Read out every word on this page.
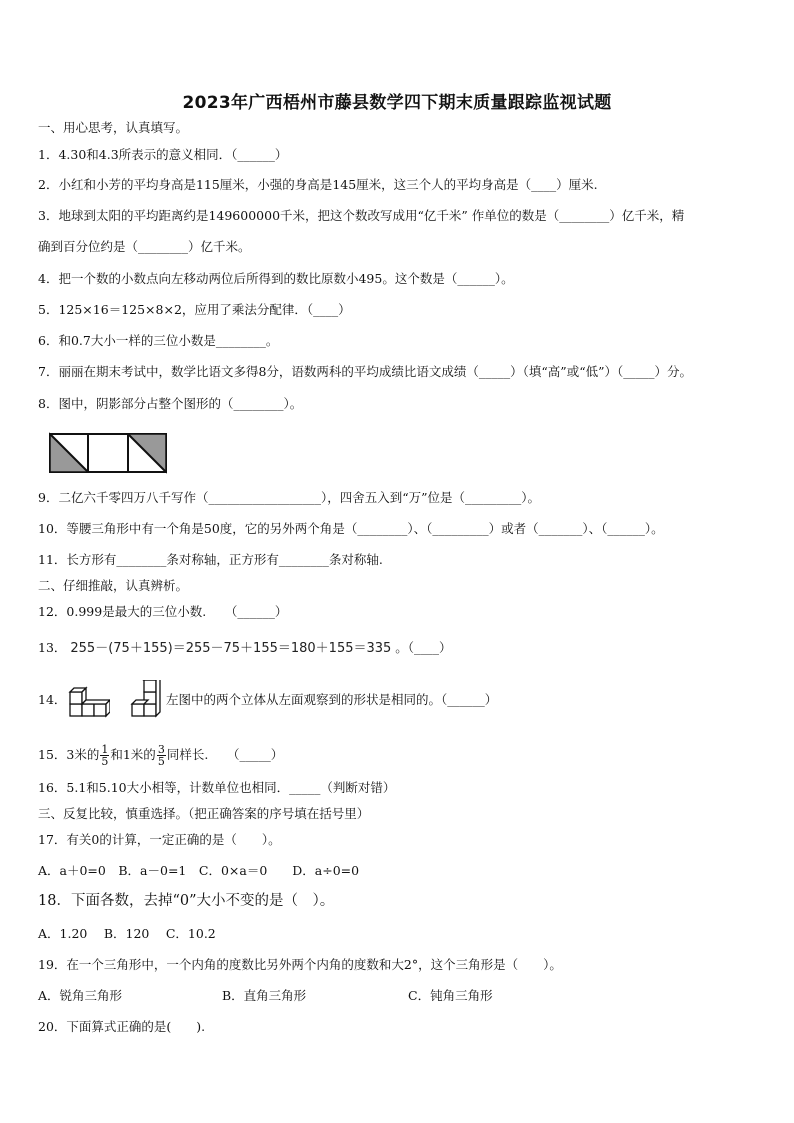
2023年广西梧州市藤县数学四下期末质量跟踪监视试题
一、用心思考，认真填写。
1．4.30和4.3所表示的意义相同．（______）
2．小红和小芳的平均身高是115厘米，小强的身高是145厘米，这三个人的平均身高是（____）厘米.
3．地球到太阳的平均距离约是149600000千米，把这个数改写成用“亿千米” 作单位的数是（________）亿千米，精
确到百分位约是（________）亿千米。
4．把一个数的小数点向左移动两位后所得到的数比原数小495。这个数是（______）。
5．125×16＝125×8×2，应用了乘法分配律．（____）
6．和0.7大小一样的三位小数是________。
7．丽丽在期末考试中，数学比语文多得8分，语数两科的平均成绩比语文成绩（_____）（填“高”或“低”）（_____）分。
8．图中，阴影部分占整个图形的（________）。
9．二亿六千零四万八千写作（__________________），四舍五入到“万”位是（_________）。
10．等腰三角形中有一个角是50度，它的另外两个角是（________）、（_________）或者（_______）、（______）。
11．长方形有________条对称轴，正方形有________条对称轴.
二、仔细推敲，认真辨析。
12．0.999是最大的三位小数.　　（______）
13． 255－(75＋155)＝255－75＋155＝180＋155＝335 。（____）
14．	左图中的两个立体从左面观察到的形状是相同的。（______）
15．3米的 $\frac{1}{5}$ 和1米的 $\frac{3}{5}$ 同样长.　　（_____）
16．5.1和5.10大小相等，计数单位也相同．_____（判断对错）
三、反复比较，慎重选择。（把正确答案的序号填在括号里）
17．有关0的计算，一定正确的是（　　）。
A．a＋0=0　B．a－0=1　C．0×a＝0　　D．a÷0=0
18．下面各数，去掉“0”大小不变的是（　）。
A．1.20　 B．120　 C．10.2
19．在一个三角形中，一个内角的度数比另外两个内角的度数和大2°，这个三角形是（　　）。
A．锐角三角形	B．直角三角形	C．钝角三角形
20．下面算式正确的是(　　).
